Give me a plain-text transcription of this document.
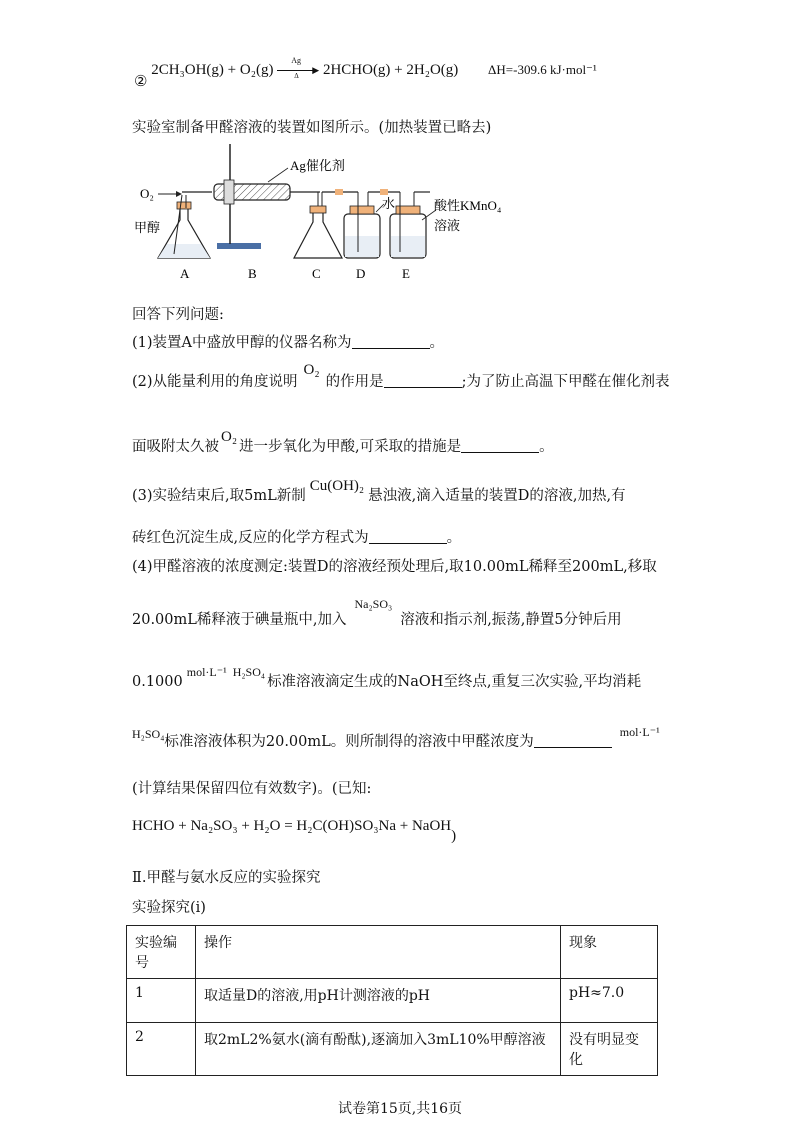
② 2CH₃OH(g) + O₂(g)
Ag
▶
Δ 2HCHO(g) + 2H₂O(g) ΔH=-309.6 kJ·mol⁻¹
实验室制备甲醛溶液的装置如图所示。(加热装置已略去)
O₂
甲醇
Ag催化剂
水	酸性KMnO₄
溶液
A	B	C	D	E
回答下列问题:
(1)装置A中盛放甲醇的仪器名称为	。
(2)从能量利用的角度说明O₂的作用是	;为了防止高温下甲醛在催化剂表
面吸附太久被O₂进一步氧化为甲酸,可采取的措施是	。
(3)实验结束后,取5mL新制Cu(OH)₂悬浊液,滴入适量的装置D的溶液,加热,有
砖红色沉淀生成,反应的化学方程式为	。
(4)甲醛溶液的浓度测定:装置D的溶液经预处理后,取10.00mL稀释至200mL,移取
20.00mL稀释液于碘量瓶中,加入$^{Na_2SO_3}$溶液和指示剂,振荡,静置5分钟后用
$0.1000^{mol\cdot L^{-1}}$ $^{H_2SO_4}$标准溶液滴定生成的NaOH至终点,重复三次实验,平均消耗
$^{H_2SO_4}$标准溶液体积为20.00mL。则所制得的溶液中甲醛浓度为$^{mol\cdot L^{-1}}$
(计算结果保留四位有效数字)。(已知:
HCHO + Na₂SO₃ + H₂O = H₂C(OH)SO₃Na + NaOH)
Ⅱ.甲醛与氨水反应的实验探究
实验探究(ⅰ)
实验编号	操作	现象
1	取适量D的溶液,用pH计测溶液的pH	pH≈7.0
2	取2mL2%氨水(滴有酚酞),逐滴加入3mL10%甲醇溶液	没有明显变化
试卷第15页,共16页
